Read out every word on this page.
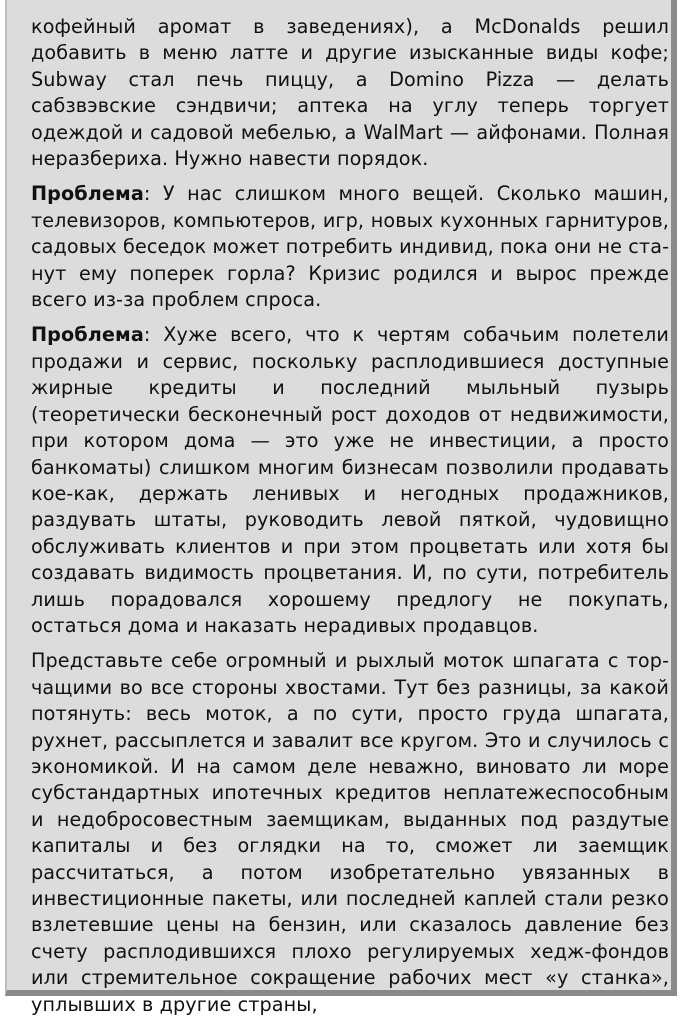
кофейный аромат в заведениях), а McDonalds решил добавить в меню латте и другие изысканные виды кофе; Subway стал печь пиццу, а Domino Pizza — делать сабзвэвские сэндвичи; аптека на углу теперь торгует одеждой и садовой мебелью, а WalMart — айфонами. Полная неразбериха. Нужно навести порядок.

Проблема: У нас слишком много вещей. Сколько машин, телевизоров, компьютеров, игр, новых кухонных гарнитуров, садовых беседок может потребить индивид, пока они не станут ему поперек горла? Кризис родился и вырос прежде всего из-за проблем спроса.

Проблема: Хуже всего, что к чертям собачьим полетели продажи и сервис, поскольку расплодившиеся доступные жирные кредиты и последний мыльный пузырь (теоретически бесконечный рост доходов от недвижимости, при котором дома — это уже не инвестиции, а просто банкоматы) слишком многим бизнесам позволили продавать кое-как, держать ленивых и негодных продажников, раздувать штаты, руководить левой пяткой, чудовищно обслуживать клиентов и при этом процветать или хотя бы создавать видимость процветания. И, по сути, потребитель лишь порадовался хорошему предлогу не покупать, остаться дома и наказать нерадивых продавцов.

Представьте себе огромный и рыхлый моток шпагата с торчащими во все стороны хвостами. Тут без разницы, за какой потянуть: весь моток, а по сути, просто груда шпагата, рухнет, рассыплется и завалит все кругом. Это и случилось с экономикой. И на самом деле неважно, виновато ли море субстандартных ипотечных кредитов неплатежеспособным и недобросовестным заемщикам, выданных под раздутые капиталы и без оглядки на то, сможет ли заемщик рассчитаться, а потом изобретательно увязанных в инвестиционные пакеты, или последней каплей стали резко взлетевшие цены на бензин, или сказалось давление без счету расплодившихся плохо регулируемых хедж-фондов или стремительное сокращение рабочих мест «у станка», уплывших в другие страны,
